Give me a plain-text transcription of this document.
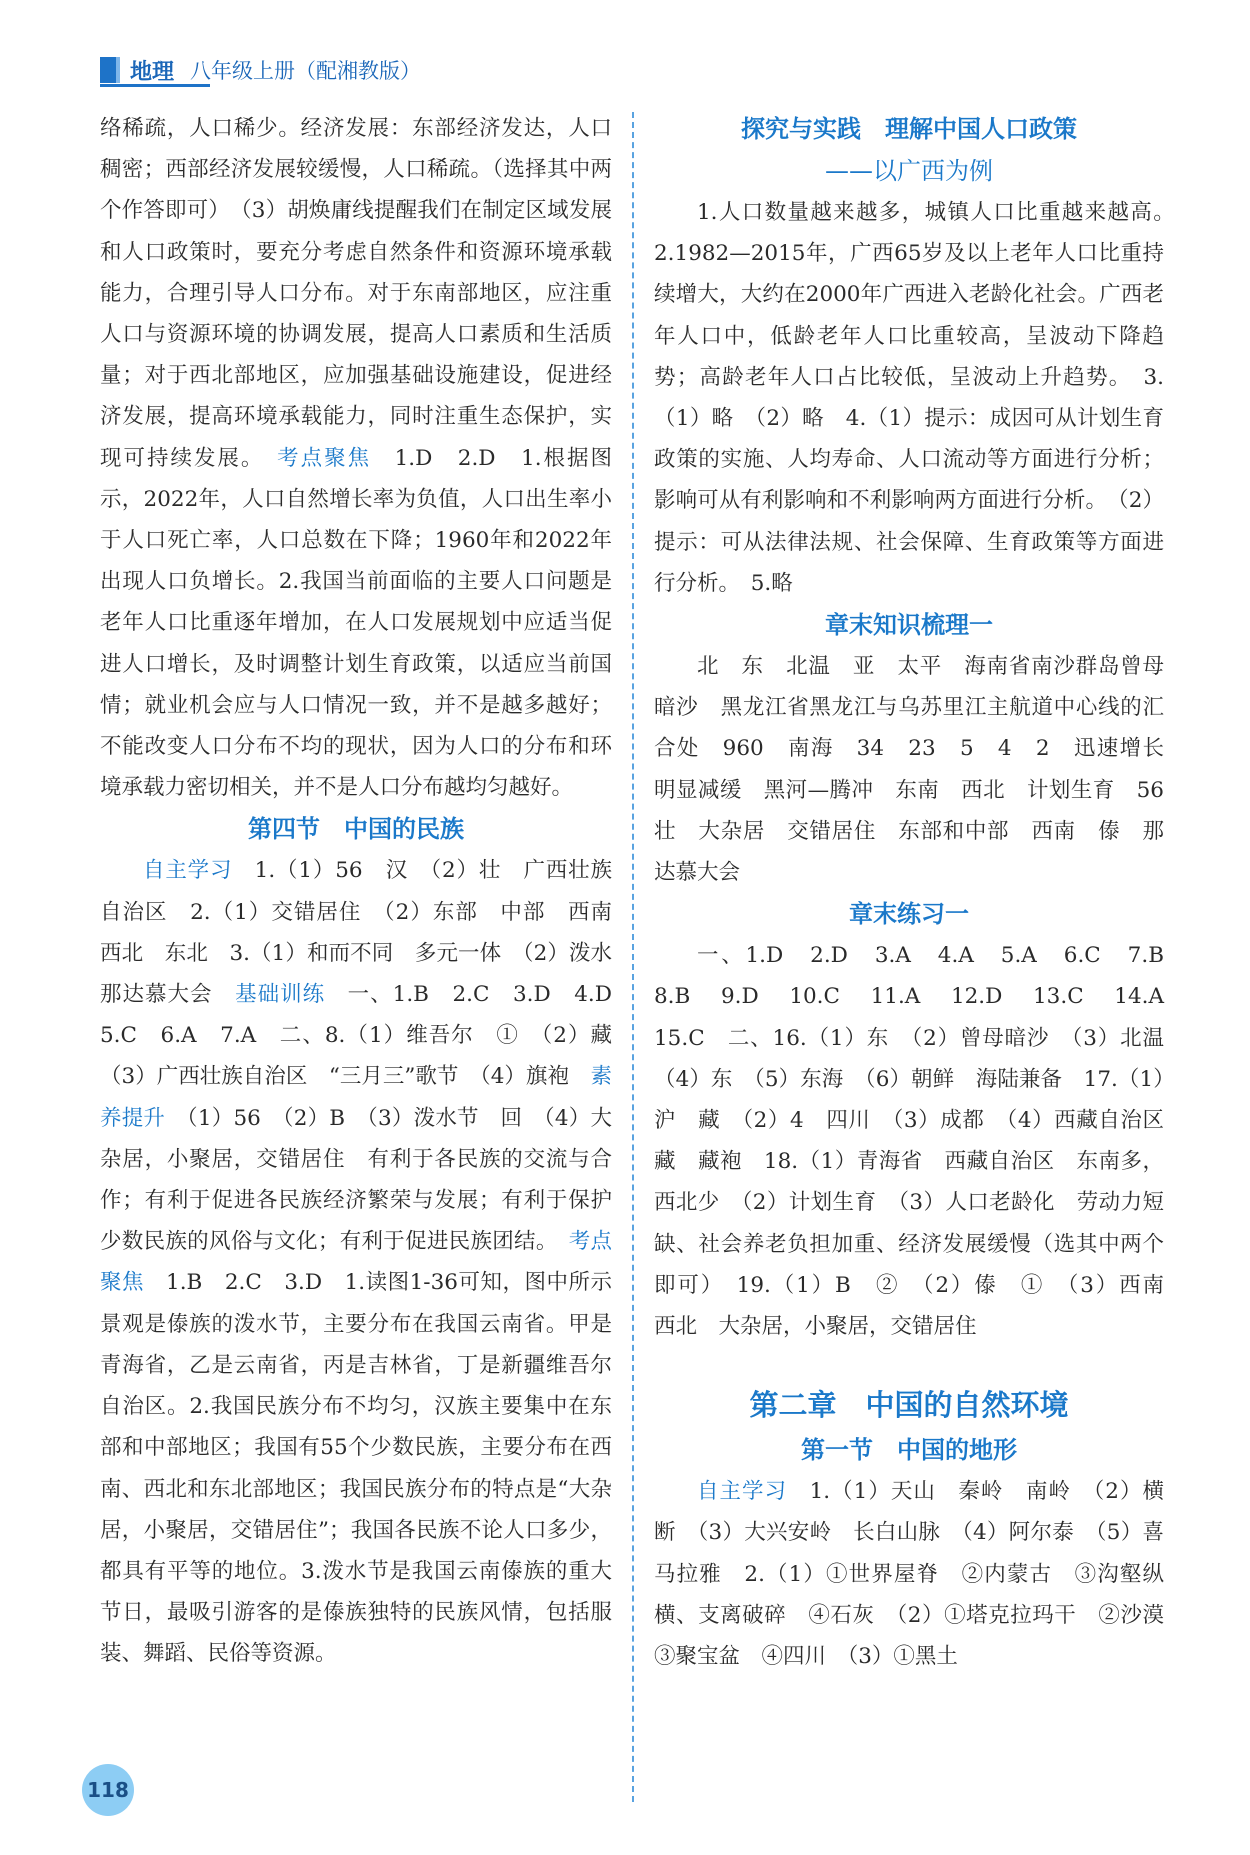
地理 八年级上册（配湘教版）

络稀疏，人口稀少。经济发展：东部经济发达，人口稠密；西部经济发展较缓慢，人口稀疏。（选择其中两个作答即可）　（3）胡焕庸线提醒我们在制定区域发展和人口政策时，要充分考虑自然条件和资源环境承载能力，合理引导人口分布。对于东南部地区，应注重人口与资源环境的协调发展，提高人口素质和生活质量；对于西北部地区，应加强基础设施建设，促进经济发展，提高环境承载能力，同时注重生态保护，实现可持续发展。　考点聚焦　1.D　2.D　1.根据图示，2022年，人口自然增长率为负值，人口出生率小于人口死亡率，人口总数在下降；1960年和2022年出现人口负增长。2.我国当前面临的主要人口问题是老年人口比重逐年增加，在人口发展规划中应适当促进人口增长，及时调整计划生育政策，以适应当前国情；就业机会应与人口情况一致，并不是越多越好；不能改变人口分布不均的现状，因为人口的分布和环境承载力密切相关，并不是人口分布越均匀越好。

第四节　中国的民族

自主学习　1.（1）56　汉　（2）壮　广西壮族自治区　2.（1）交错居住　（2）东部　中部　西南　西北　东北　3.（1）和而不同　多元一体　（2）泼水　那达慕大会　基础训练　一、1.B　2.C　3.D　4.D　5.C　6.A　7.A　二、8.（1）维吾尔　①　（2）藏　（3）广西壮族自治区　“三月三”歌节　（4）旗袍　素养提升　（1）56　（2）B　（3）泼水节　回　（4）大杂居，小聚居，交错居住　有利于各民族的交流与合作；有利于促进各民族经济繁荣与发展；有利于保护少数民族的风俗与文化；有利于促进民族团结。　考点聚焦　1.B　2.C　3.D　1.读图1-36可知，图中所示景观是傣族的泼水节，主要分布在我国云南省。甲是青海省，乙是云南省，丙是吉林省，丁是新疆维吾尔自治区。2.我国民族分布不均匀，汉族主要集中在东部和中部地区；我国有55个少数民族，主要分布在西南、西北和东北部地区；我国民族分布的特点是“大杂居，小聚居，交错居住”；我国各民族不论人口多少，都具有平等的地位。3.泼水节是我国云南傣族的重大节日，最吸引游客的是傣族独特的民族风情，包括服装、舞蹈、民俗等资源。

探究与实践　理解中国人口政策

——以广西为例

1.人口数量越来越多，城镇人口比重越来越高。　2.1982—2015年，广西65岁及以上老年人口比重持续增大，大约在2000年广西进入老龄化社会。广西老年人口中，低龄老年人口比重较高，呈波动下降趋势；高龄老年人口占比较低，呈波动上升趋势。　3.（1）略　（2）略　4.（1）提示：成因可从计划生育政策的实施、人均寿命、人口流动等方面进行分析；影响可从有利影响和不利影响两方面进行分析。　（2）提示：可从法律法规、社会保障、生育政策等方面进行分析。　5.略

章末知识梳理一

北　东　北温　亚　太平　海南省南沙群岛曾母暗沙　黑龙江省黑龙江与乌苏里江主航道中心线的汇合处　960　南海　34　23　5　4　2　迅速增长　明显减缓　黑河—腾冲　东南　西北　计划生育　56　壮　大杂居　交错居住　东部和中部　西南　傣　那达慕大会

章末练习一

一、1.D　2.D　3.A　4.A　5.A　6.C　7.B　8.B　9.D　10.C　11.A　12.D　13.C　14.A　15.C　二、16.（1）东　（2）曾母暗沙　（3）北温　（4）东　（5）东海　（6）朝鲜　海陆兼备　17.（1）沪　藏　（2）4　四川　（3）成都　（4）西藏自治区　藏　藏袍　18.（1）青海省　西藏自治区　东南多，西北少　（2）计划生育　（3）人口老龄化　劳动力短缺、社会养老负担加重、经济发展缓慢（选其中两个即可）　19.（1）B　②　（2）傣　①　（3）西南　西北　大杂居，小聚居，交错居住

第二章　中国的自然环境

第一节　中国的地形

自主学习　1.（1）天山　秦岭　南岭　（2）横断　（3）大兴安岭　长白山脉　（4）阿尔泰　（5）喜马拉雅　2.（1）①世界屋脊　②内蒙古　③沟壑纵横、支离破碎　④石灰　（2）①塔克拉玛干　②沙漠　③聚宝盆　④四川　（3）①黑土

118
